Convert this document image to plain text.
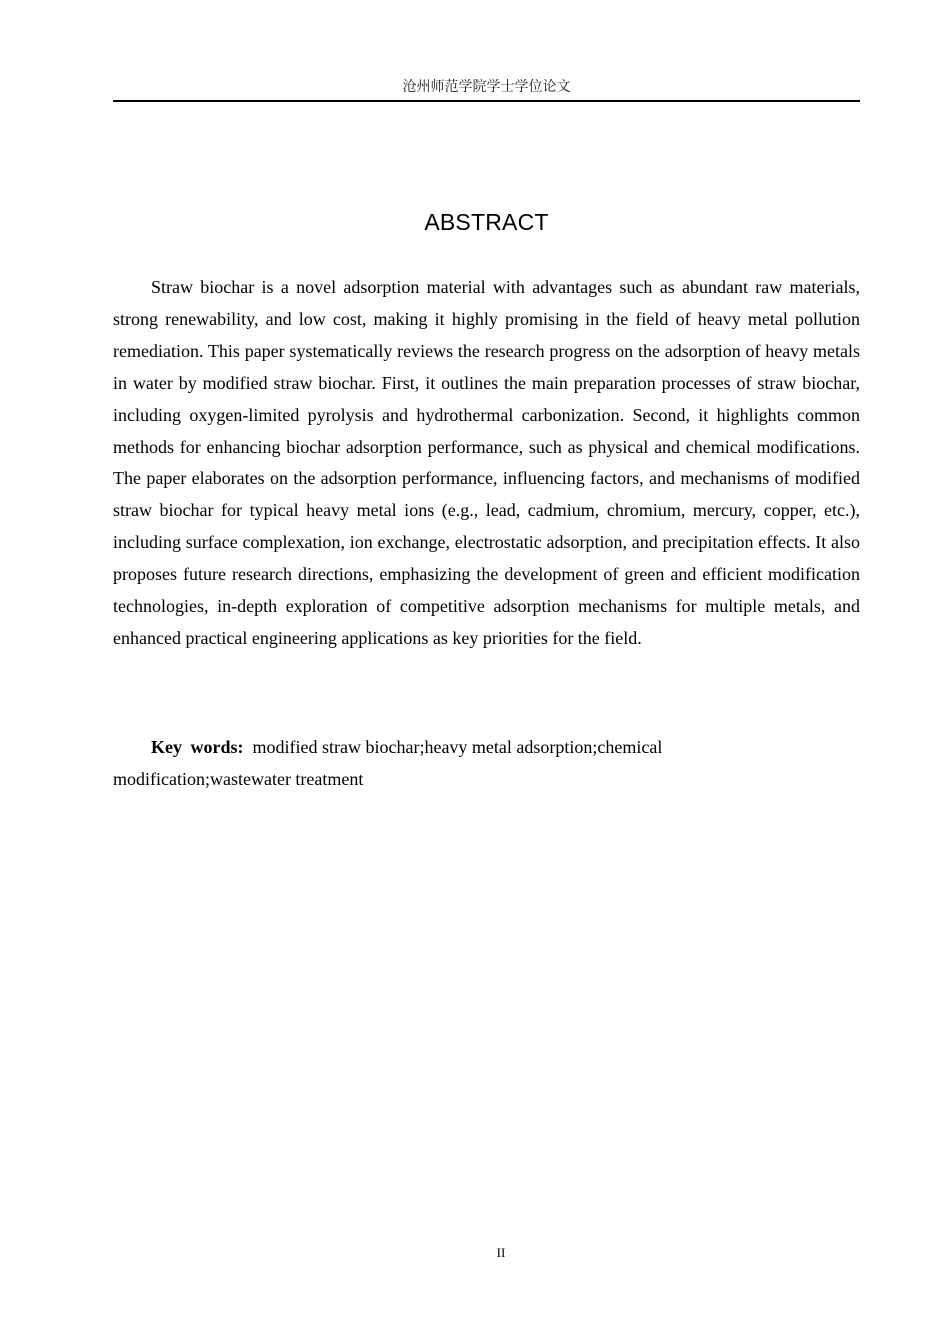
沧州师范学院学士学位论文
ABSTRACT

Straw biochar is a novel adsorption material with advantages such as abundant raw materials, strong renewability, and low cost, making it highly promising in the field of heavy metal pollution remediation. This paper systematically reviews the research progress on the adsorption of heavy metals in water by modified straw biochar. First, it outlines the main preparation processes of straw biochar, including oxygen-limited pyrolysis and hydrothermal carbonization. Second, it highlights common methods for enhancing biochar adsorption performance, such as physical and chemical modifications. The paper elaborates on the adsorption performance, influencing factors, and mechanisms of modified straw biochar for typical heavy metal ions (e.g., lead, cadmium, chromium, mercury, copper, etc.), including surface complexation, ion exchange, electrostatic adsorption, and precipitation effects. It also proposes future research directions, emphasizing the development of green and efficient modification technologies, in-depth exploration of competitive adsorption mechanisms for multiple metals, and enhanced practical engineering applications as key priorities for the field.

Key words: modified straw biochar;heavy metal adsorption;chemical modification;wastewater treatment

II
